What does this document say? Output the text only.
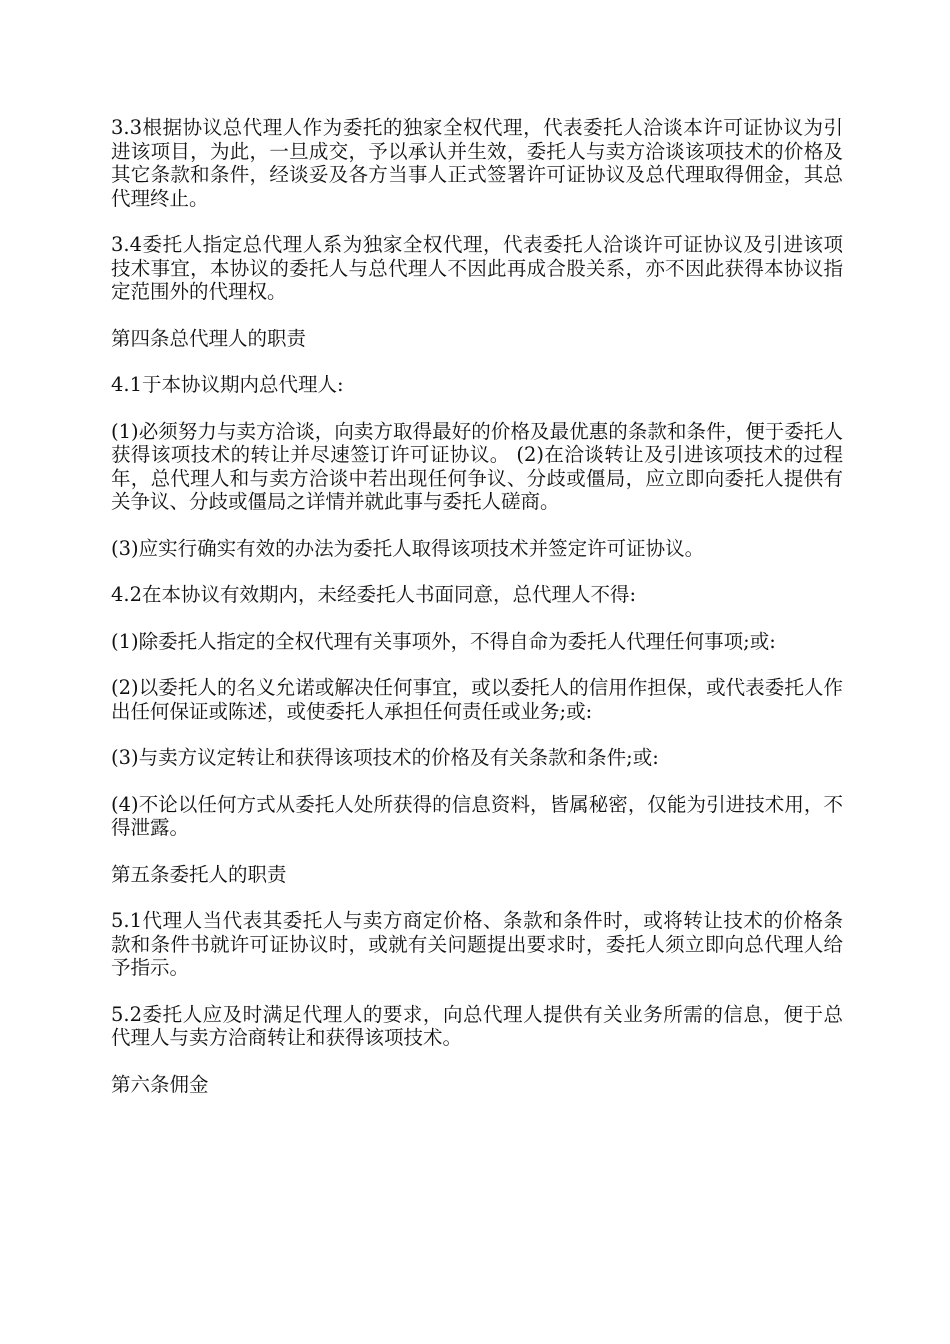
3.3根据协议总代理人作为委托的独家全权代理，代表委托人洽谈本许可证协议为引进该项目，为此，一旦成交，予以承认并生效，委托人与卖方洽谈该项技术的价格及其它条款和条件，经谈妥及各方当事人正式签署许可证协议及总代理取得佣金，其总代理终止。

3.4委托人指定总代理人系为独家全权代理，代表委托人洽谈许可证协议及引进该项技术事宜，本协议的委托人与总代理人不因此再成合股关系，亦不因此获得本协议指定范围外的代理权。

第四条总代理人的职责

4.1于本协议期内总代理人:

(1)必须努力与卖方洽谈，向卖方取得最好的价格及最优惠的条款和条件，便于委托人获得该项技术的转让并尽速签订许可证协议。 (2)在洽谈转让及引进该项技术的过程年，总代理人和与卖方洽谈中若出现任何争议、分歧或僵局，应立即向委托人提供有关争议、分歧或僵局之详情并就此事与委托人磋商。

(3)应实行确实有效的办法为委托人取得该项技术并签定许可证协议。

4.2在本协议有效期内，未经委托人书面同意，总代理人不得:

(1)除委托人指定的全权代理有关事项外，不得自命为委托人代理任何事项;或:

(2)以委托人的名义允诺或解决任何事宜，或以委托人的信用作担保，或代表委托人作出任何保证或陈述，或使委托人承担任何责任或业务;或:

(3)与卖方议定转让和获得该项技术的价格及有关条款和条件;或:

(4)不论以任何方式从委托人处所获得的信息资料，皆属秘密，仅能为引进技术用，不得泄露。

第五条委托人的职责

5.1代理人当代表其委托人与卖方商定价格、条款和条件时，或将转让技术的价格条款和条件书就许可证协议时，或就有关问题提出要求时，委托人须立即向总代理人给予指示。

5.2委托人应及时满足代理人的要求，向总代理人提供有关业务所需的信息，便于总代理人与卖方洽商转让和获得该项技术。

第六条佣金
